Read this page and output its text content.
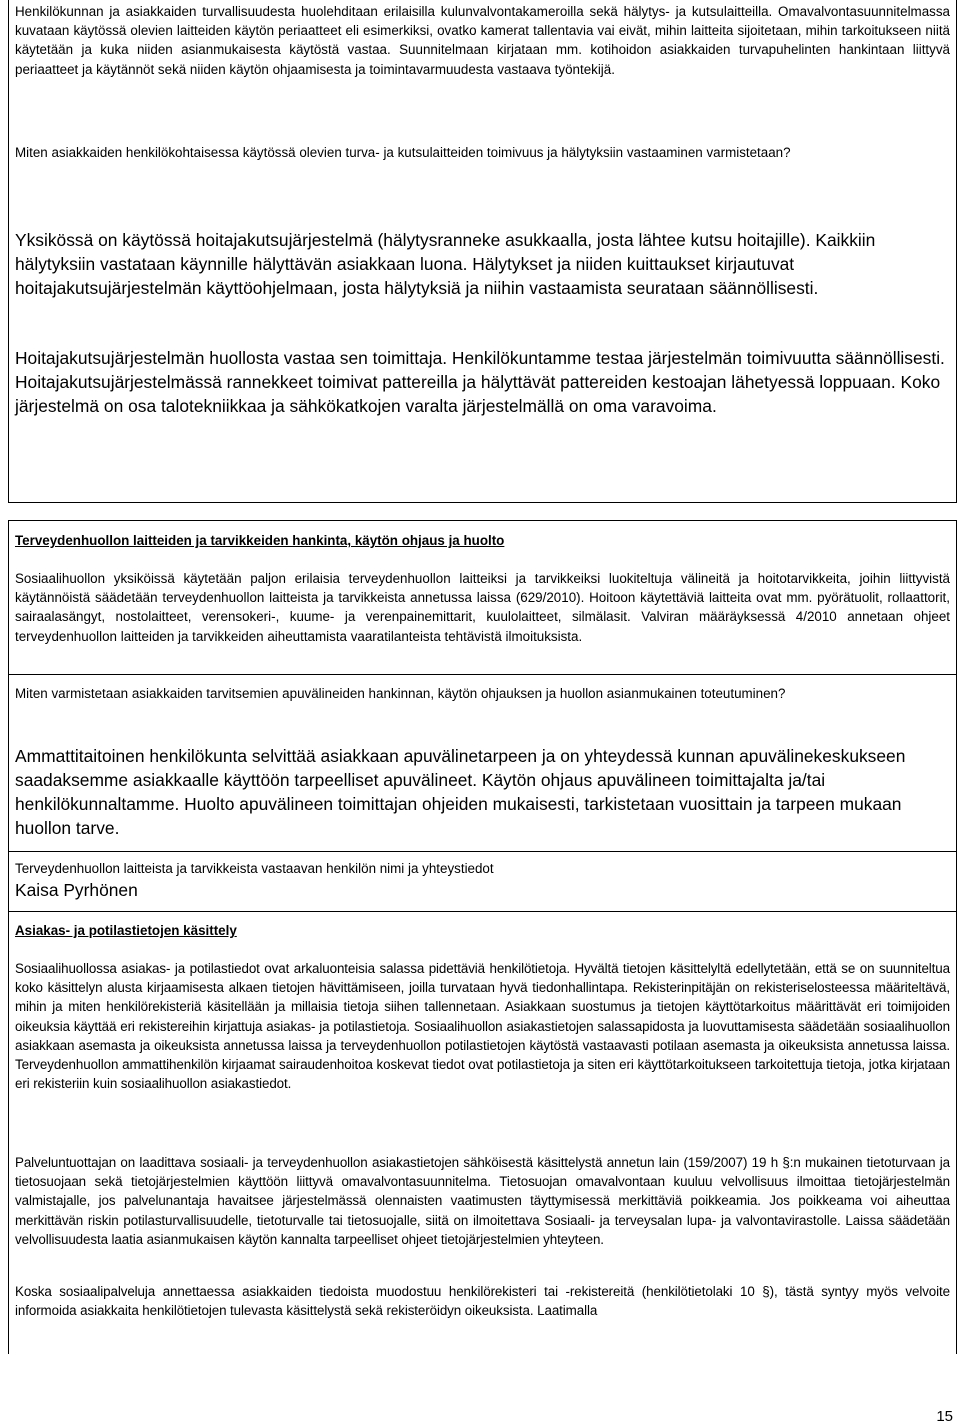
Henkilökunnan ja asiakkaiden turvallisuudesta huolehditaan erilaisilla kulunvalvontakameroilla sekä hälytys- ja kutsulaitteilla. Omavalvontasuunnitelmassa kuvataan käytössä olevien laitteiden käytön periaatteet eli esimerkiksi, ovatko kamerat tallentavia vai eivät, mihin laitteita sijoitetaan, mihin tarkoitukseen niitä käytetään ja kuka niiden asianmukaisesta käytöstä vastaa. Suunnitelmaan kirjataan mm. kotihoidon asiakkaiden turvapuhelinten hankintaan liittyvä periaatteet ja käytännöt sekä niiden käytön ohjaamisesta ja toimintavarmuudesta vastaava työntekijä.

Miten asiakkaiden henkilökohtaisessa käytössä olevien turva- ja kutsulaitteiden toimivuus ja hälytyksiin vastaaminen varmistetaan?

Yksikössä on käytössä hoitajakutsujärjestelmä (hälytysranneke asukkaalla, josta lähtee kutsu hoitajille). Kaikkiin hälytyksiin vastataan käynnille hälyttävän asiakkaan luona. Hälytykset ja niiden kuittaukset kirjautuvat hoitajakutsujärjestelmän käyttöohjelmaan, josta hälytyksiä ja niihin vastaamista seurataan säännöllisesti.

Hoitajakutsujärjestelmän huollosta vastaa sen toimittaja. Henkilökuntamme testaa järjestelmän toimivuutta säännöllisesti. Hoitajakutsujärjestelmässä rannekkeet toimivat pattereilla ja hälyttävät pattereiden kestoajan lähetyessä loppuaan. Koko järjestelmä on osa talotekniikkaa ja sähkökatkojen varalta järjestelmällä on oma varavoima.

Terveydenhuollon laitteiden ja tarvikkeiden hankinta, käytön ohjaus ja huolto

Sosiaalihuollon yksiköissä käytetään paljon erilaisia terveydenhuollon laitteiksi ja tarvikkeiksi luokiteltuja välineitä ja hoitotarvikkeita, joihin liittyvistä käytännöistä säädetään terveydenhuollon laitteista ja tarvikkeista annetussa laissa (629/2010). Hoitoon käytettäviä laitteita ovat mm. pyörätuolit, rollaattorit, sairaalasängyt, nostolaitteet, verensokeri-, kuume- ja verenpainemittarit, kuulolaitteet, silmälasit. Valviran määräyksessä 4/2010 annetaan ohjeet terveydenhuollon laitteiden ja tarvikkeiden aiheuttamista vaaratilanteista tehtävistä ilmoituksista.

Miten varmistetaan asiakkaiden tarvitsemien apuvälineiden hankinnan, käytön ohjauksen ja huollon asianmukainen toteutuminen?

Ammattitaitoinen henkilökunta selvittää asiakkaan apuvälinetarpeen ja on yhteydessä kunnan apuvälinekeskukseen saadaksemme asiakkaalle käyttöön tarpeelliset apuvälineet. Käytön ohjaus apuvälineen toimittajalta ja/tai henkilökunnaltamme. Huolto apuvälineen toimittajan ohjeiden mukaisesti, tarkistetaan vuosittain ja tarpeen mukaan huollon tarve.

Terveydenhuollon laitteista ja tarvikkeista vastaavan henkilön nimi ja yhteystiedot

Kaisa Pyrhönen

Asiakas- ja potilastietojen käsittely

Sosiaalihuollossa asiakas- ja potilastiedot ovat arkaluonteisia salassa pidettäviä henkilötietoja. Hyvältä tietojen käsittelyltä edellytetään, että se on suunniteltua koko käsittelyn alusta kirjaamisesta alkaen tietojen hävittämiseen, joilla turvataan hyvä tiedonhallintapa. Rekisterinpitäjän on rekisteriselosteessa määriteltävä, mihin ja miten henkilörekisteriä käsitellään ja millaisia tietoja siihen tallennetaan. Asiakkaan suostumus ja tietojen käyttötarkoitus määrittävät eri toimijoiden oikeuksia käyttää eri rekistereihin kirjattuja asiakas- ja potilastietoja. Sosiaalihuollon asiakastietojen salassapidosta ja luovuttamisesta säädetään sosiaalihuollon asiakkaan asemasta ja oikeuksista annetussa laissa ja terveydenhuollon potilastietojen käytöstä vastaavasti potilaan asemasta ja oikeuksista annetussa laissa. Terveydenhuollon ammattihenkilön kirjaamat sairaudenhoitoa koskevat tiedot ovat potilastietoja ja siten eri käyttötarkoitukseen tarkoitettuja tietoja, jotka kirjataan eri rekisteriin kuin sosiaalihuollon asiakastiedot.

Palveluntuottajan on laadittava sosiaali- ja terveydenhuollon asiakastietojen sähköisestä käsittelystä annetun lain (159/2007) 19 h §:n mukainen tietoturvaan ja tietosuojaan sekä tietojärjestelmien käyttöön liittyvä omavalvontasuunnitelma. Tietosuojan omavalvontaan kuuluu velvollisuus ilmoittaa tietojärjestelmän valmistajalle, jos palvelunantaja havaitsee järjestelmässä olennaisten vaatimusten täyttymisessä merkittäviä poikkeamia. Jos poikkeama voi aiheuttaa merkittävän riskin potilasturvallisuudelle, tietoturvalle tai tietosuojalle, siitä on ilmoitettava Sosiaali- ja terveysalan lupa- ja valvontavirastolle. Laissa säädetään velvollisuudesta laatia asianmukaisen käytön kannalta tarpeelliset ohjeet tietojärjestelmien yhteyteen.

Koska sosiaalipalveluja annettaessa asiakkaiden tiedoista muodostuu henkilörekisteri tai -rekistereitä (henkilötietolaki 10 §), tästä syntyy myös velvoite informoida asiakkaita henkilötietojen tulevasta käsittelystä sekä rekisteröidyn oikeuksista. Laatimalla

15
